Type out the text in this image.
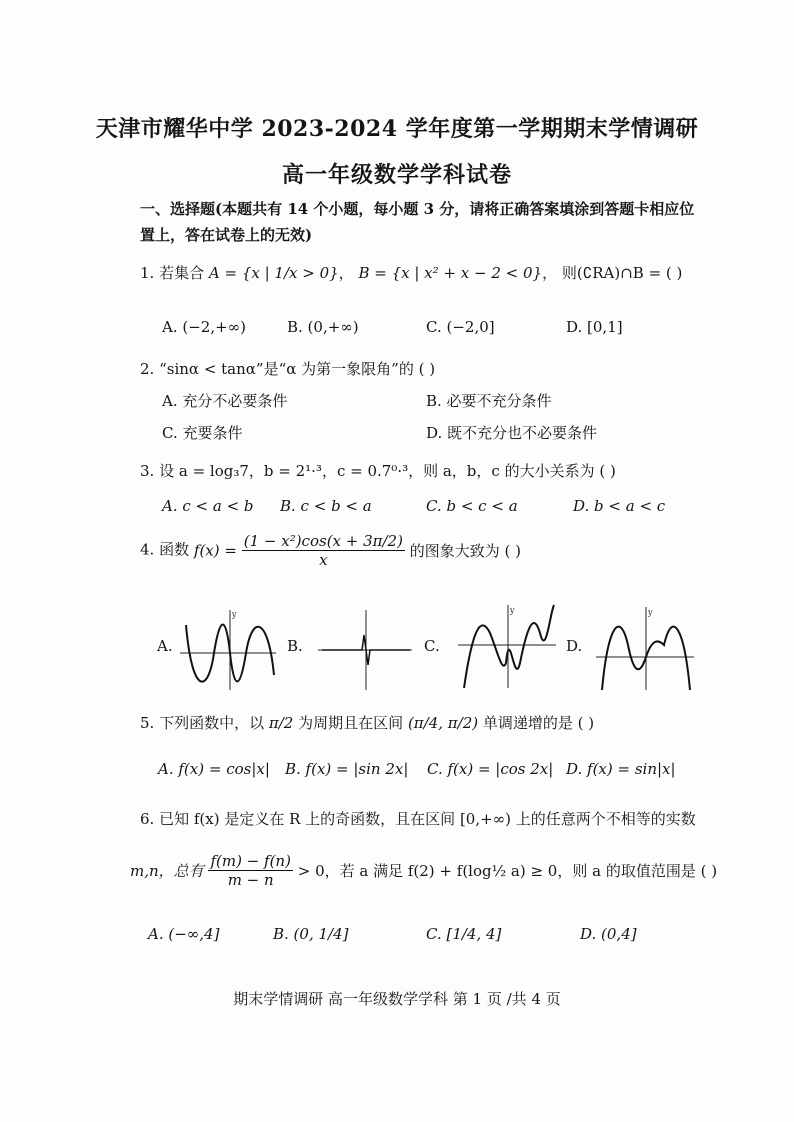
天津市耀华中学 2023-2024 学年度第一学期期末学情调研
高一年级数学学科试卷
一、选择题(本题共有 14 个小题，每小题 3 分，请将正确答案填涂到答题卡相应位置上，答在试卷上的无效)
1. 若集合 A = {x | 1/x > 0}， B = {x | x² + x − 2 < 0}， 则(∁RA)∩B = ( )
A. (−2,+∞)	B. (0,+∞)	C. (−2,0]	D. [0,1]
2. “sinα < tanα”是“α 为第一象限角”的 ( )
A. 充分不必要条件	B. 必要不充分条件
C. 充要条件	D. 既不充分也不必要条件
3. 设 a = log₃7，b = 2¹·³，c = 0.7⁰·³，则 a，b，c 的大小关系为 ( )
A. c < a < b B. c < b < a	C. b < c < a	D. b < a < c
4. 函数 $f(x) = \frac{\text{(1 − x²)cos(x + 3π/2)}}{x}$ 的图象大致为 ( )
A.	B.	C.	D.
y	y	y
5. 下列函数中，以 π/2 为周期且在区间 (π/4, π/2) 单调递增的是 ( )
A. f(x) = cos|x| B. f(x) = |sin 2x| C. f(x) = |cos 2x| D. f(x) = sin|x|
6. 已知 f(x) 是定义在 R 上的奇函数，且在区间 [0,+∞) 上的任意两个不相等的实数
m,n，总有 $\frac{f(m) - f(n)}{m - n} > 0$，若 a 满足 f(2) + f(log½ a) ≥ 0，则 a 的取值范围是 ( )
A. (−∞,4]	B. (0, 1/4]	C. [1/4, 4]	D. (0,4]
期末学情调研 高一年级数学学科 第 1 页 /共 4 页
